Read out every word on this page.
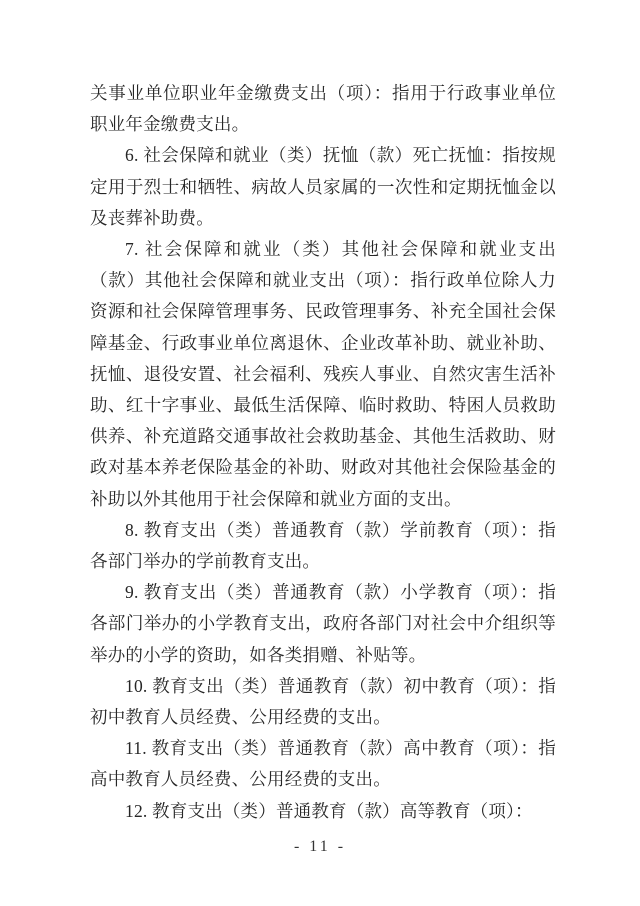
关事业单位职业年金缴费支出（项）：指用于行政事业单位职业年金缴费支出。

6. 社会保障和就业（类）抚恤（款）死亡抚恤：指按规定用于烈士和牺牲、病故人员家属的一次性和定期抚恤金以及丧葬补助费。

7. 社会保障和就业（类）其他社会保障和就业支出（款）其他社会保障和就业支出（项）：指行政单位除人力资源和社会保障管理事务、民政管理事务、补充全国社会保障基金、行政事业单位离退休、企业改革补助、就业补助、抚恤、退役安置、社会福利、残疾人事业、自然灾害生活补助、红十字事业、最低生活保障、临时救助、特困人员救助供养、补充道路交通事故社会救助基金、其他生活救助、财政对基本养老保险基金的补助、财政对其他社会保险基金的补助以外其他用于社会保障和就业方面的支出。

8. 教育支出（类）普通教育（款）学前教育（项）：指各部门举办的学前教育支出。

9. 教育支出（类）普通教育（款）小学教育（项）：指各部门举办的小学教育支出，政府各部门对社会中介组织等举办的小学的资助，如各类捐赠、补贴等。

10. 教育支出（类）普通教育（款）初中教育（项）：指初中教育人员经费、公用经费的支出。

11. 教育支出（类）普通教育（款）高中教育（项）：指高中教育人员经费、公用经费的支出。

12. 教育支出（类）普通教育（款）高等教育（项）：

- 11 -
